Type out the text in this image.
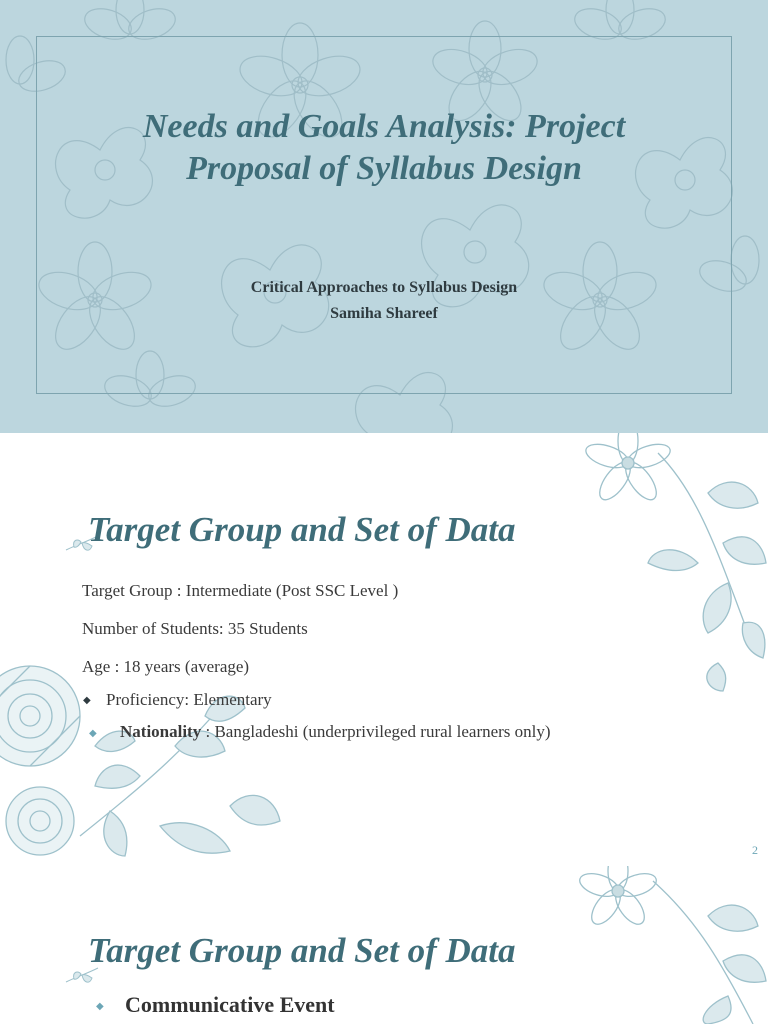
Needs and Goals Analysis: Project
Proposal of Syllabus Design
Critical Approaches to Syllabus Design
Samiha Shareef
Target Group and Set of Data
Target Group : Intermediate (Post SSC Level )
Number of Students: 35 Students
Age : 18 years (average)
◆ Proficiency: Elementary
◆ Nationality : Bangladeshi (underprivileged rural learners only)
2
Target Group and Set of Data
◆ Communicative Event
